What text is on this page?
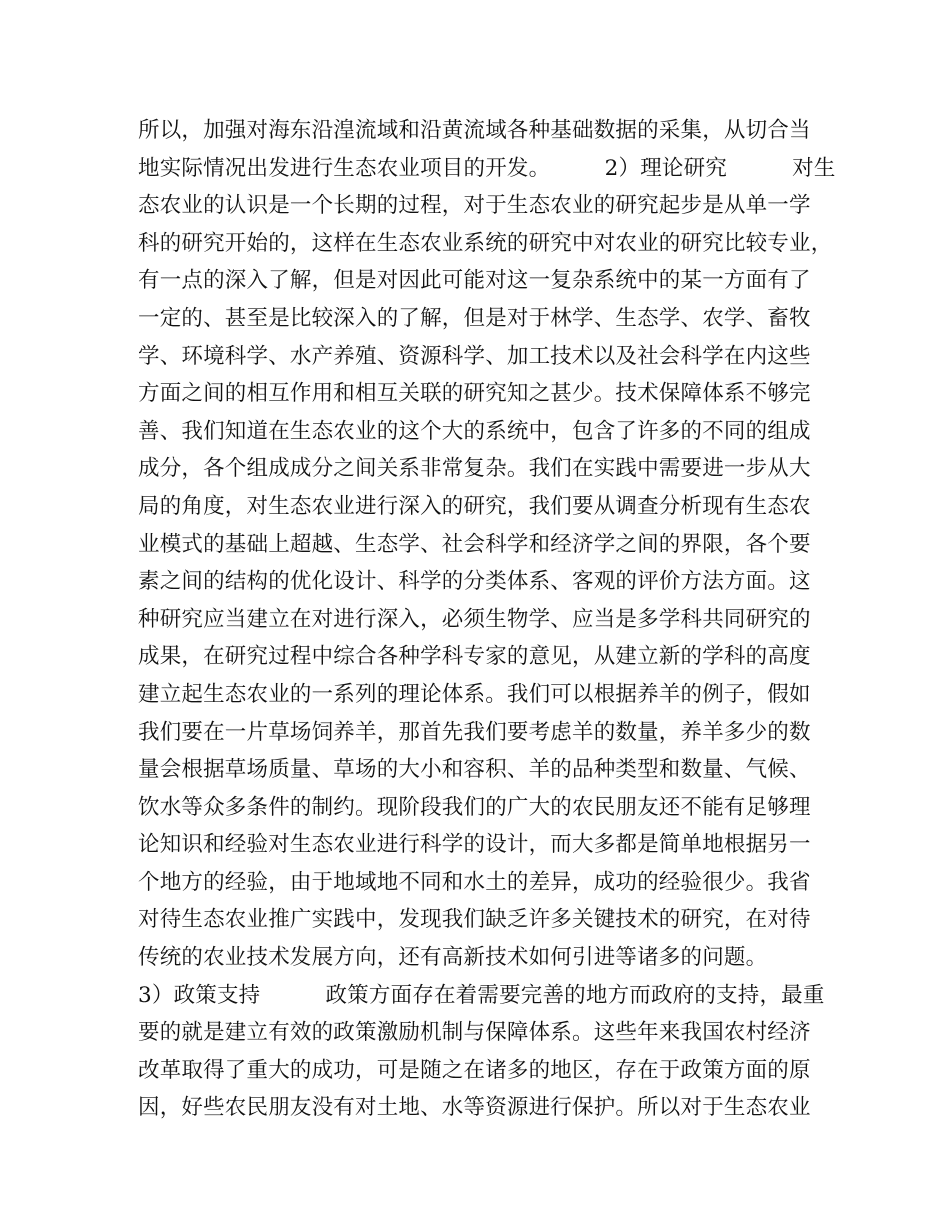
所以，加强对海东沿湟流域和沿黄流域各种基础数据的采集，从切合当
地实际情况出发进行生态农业项目的开发。　　　2）理论研究　　　对生
态农业的认识是一个长期的过程，对于生态农业的研究起步是从单一学
科的研究开始的，这样在生态农业系统的研究中对农业的研究比较专业，
有一点的深入了解，但是对因此可能对这一复杂系统中的某一方面有了
一定的、甚至是比较深入的了解，但是对于林学、生态学、农学、畜牧
学、环境科学、水产养殖、资源科学、加工技术以及社会科学在内这些
方面之间的相互作用和相互关联的研究知之甚少。技术保障体系不够完
善、我们知道在生态农业的这个大的系统中，包含了许多的不同的组成
成分，各个组成成分之间关系非常复杂。我们在实践中需要进一步从大
局的角度，对生态农业进行深入的研究，我们要从调查分析现有生态农
业模式的基础上超越、生态学、社会科学和经济学之间的界限，各个要
素之间的结构的优化设计、科学的分类体系、客观的评价方法方面。这
种研究应当建立在对进行深入，必须生物学、应当是多学科共同研究的
成果，在研究过程中综合各种学科专家的意见，从建立新的学科的高度
建立起生态农业的一系列的理论体系。我们可以根据养羊的例子，假如
我们要在一片草场饲养羊，那首先我们要考虑羊的数量，养羊多少的数
量会根据草场质量、草场的大小和容积、羊的品种类型和数量、气候、
饮水等众多条件的制约。现阶段我们的广大的农民朋友还不能有足够理
论知识和经验对生态农业进行科学的设计，而大多都是简单地根据另一
个地方的经验，由于地域地不同和水土的差异，成功的经验很少。我省
对待生态农业推广实践中，发现我们缺乏许多关键技术的研究，在对待
传统的农业技术发展方向，还有高新技术如何引进等诸多的问题。
3）政策支持　　　政策方面存在着需要完善的地方而政府的支持，最重
要的就是建立有效的政策激励机制与保障体系。这些年来我国农村经济
改革取得了重大的成功，可是随之在诸多的地区，存在于政策方面的原
因，好些农民朋友没有对土地、水等资源进行保护。所以对于生态农业
